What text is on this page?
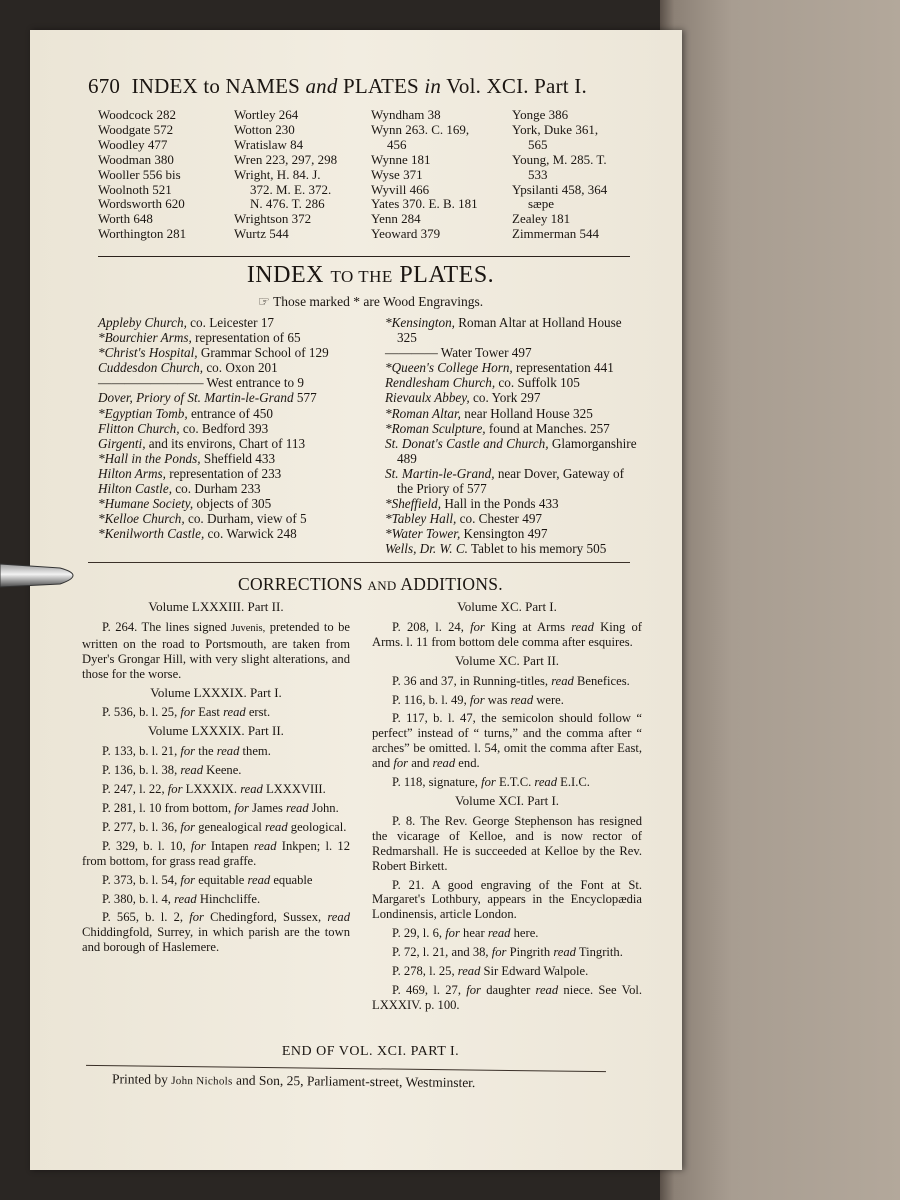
670 INDEX to NAMES and PLATES in Vol. XCI. Part I.
Woodcock 282
Woodgate 572
Woodley 477
Woodman 380
Wooller 556 bis
Woolnoth 521
Wordsworth 620
Worth 648
Worthington 281
Wortley 264
Wotton 230
Wratislaw 84
Wren 223, 297, 298
Wright, H. 84. J.
372. M. E. 372.
N. 476. T. 286
Wrightson 372
Wurtz 544
Wyndham 38
Wynn 263. C. 169,
456
Wynne 181
Wyse 371
Wyvill 466
Yates 370. E. B. 181
Yenn 284
Yeoward 379
Yonge 386
York, Duke 361,
565
Young, M. 285. T.
533
Ypsilanti 458, 364
sæpe
Zealey 181
Zimmerman 544
INDEX TO THE PLATES.
☞ Those marked * are Wood Engravings.
Appleby Church, co. Leicester 17
*Bourchier Arms, representation of 65
*Christ's Hospital, Grammar School of 129
Cuddesdon Church, co. Oxon 201
———————— West entrance to 9
Dover, Priory of St. Martin-le-Grand 577
*Egyptian Tomb, entrance of 450
Flitton Church, co. Bedford 393
Girgenti, and its environs, Chart of 113
*Hall in the Ponds, Sheffield 433
Hilton Arms, representation of 233
Hilton Castle, co. Durham 233
*Humane Society, objects of 305
*Kelloe Church, co. Durham, view of 5
*Kenilworth Castle, co. Warwick 248
*Kensington, Roman Altar at Holland House 325
———— Water Tower 497
*Queen's College Horn, representation 441
Rendlesham Church, co. Suffolk 105
Rievaulx Abbey, co. York 297
*Roman Altar, near Holland House 325
*Roman Sculpture, found at Manches. 257
St. Donat's Castle and Church, Glamorganshire 489
St. Martin-le-Grand, near Dover, Gateway of the Priory of 577
*Sheffield, Hall in the Ponds 433
*Tabley Hall, co. Chester 497
*Water Tower, Kensington 497
Wells, Dr. W. C. Tablet to his memory 505
CORRECTIONS AND ADDITIONS.
Volume LXXXIII. Part II.
P. 264. The lines signed Juvenis, pretended to be written on the road to Portsmouth, are taken from Dyer's Grongar Hill, with very slight alterations, and those for the worse.
Volume LXXXIX. Part I.
P. 536, b. l. 25, for East read erst.
Volume LXXXIX. Part II.
P. 133, b. l. 21, for the read them.
P. 136, b. l. 38, read Keene.
P. 247, l. 22, for LXXXIX. read LXXXVIII.
P. 281, l. 10 from bottom, for James read John.
P. 277, b. l. 36, for genealogical read geological.
P. 329, b. l. 10, for Intapen read Inkpen; l. 12 from bottom, for grass read graffe.
P. 373, b. l. 54, for equitable read equable
P. 380, b. l. 4, read Hinchcliffe.
P. 565, b. l. 2, for Chedingford, Sussex, read Chiddingfold, Surrey, in which parish are the town and borough of Haslemere.
Volume XC. Part I.
P. 208, l. 24, for King at Arms read King of Arms. l. 11 from bottom dele comma after esquires.
Volume XC. Part II.
P. 36 and 37, in Running-titles, read Benefices.
P. 116, b. l. 49, for was read were.
P. 117, b. l. 47, the semicolon should follow “ perfect” instead of “ turns,” and the comma after “ arches” be omitted. l. 54, omit the comma after East, and for and read end.
P. 118, signature, for E.T.C. read E.I.C.
Volume XCI. Part I.
P. 8. The Rev. George Stephenson has resigned the vicarage of Kelloe, and is now rector of Redmarshall. He is succeeded at Kelloe by the Rev. Robert Birkett.
P. 21. A good engraving of the Font at St. Margaret's Lothbury, appears in the Encyclopædia Londinensis, article London.
P. 29, l. 6, for hear read here.
P. 72, l. 21, and 38, for Pingrith read Tingrith.
P. 278, l. 25, read Sir Edward Walpole.
P. 469, l. 27, for daughter read niece. See Vol. LXXXIV. p. 100.
END OF VOL. XCI. PART I.
Printed by John Nichols and Son, 25, Parliament-street, Westminster.
